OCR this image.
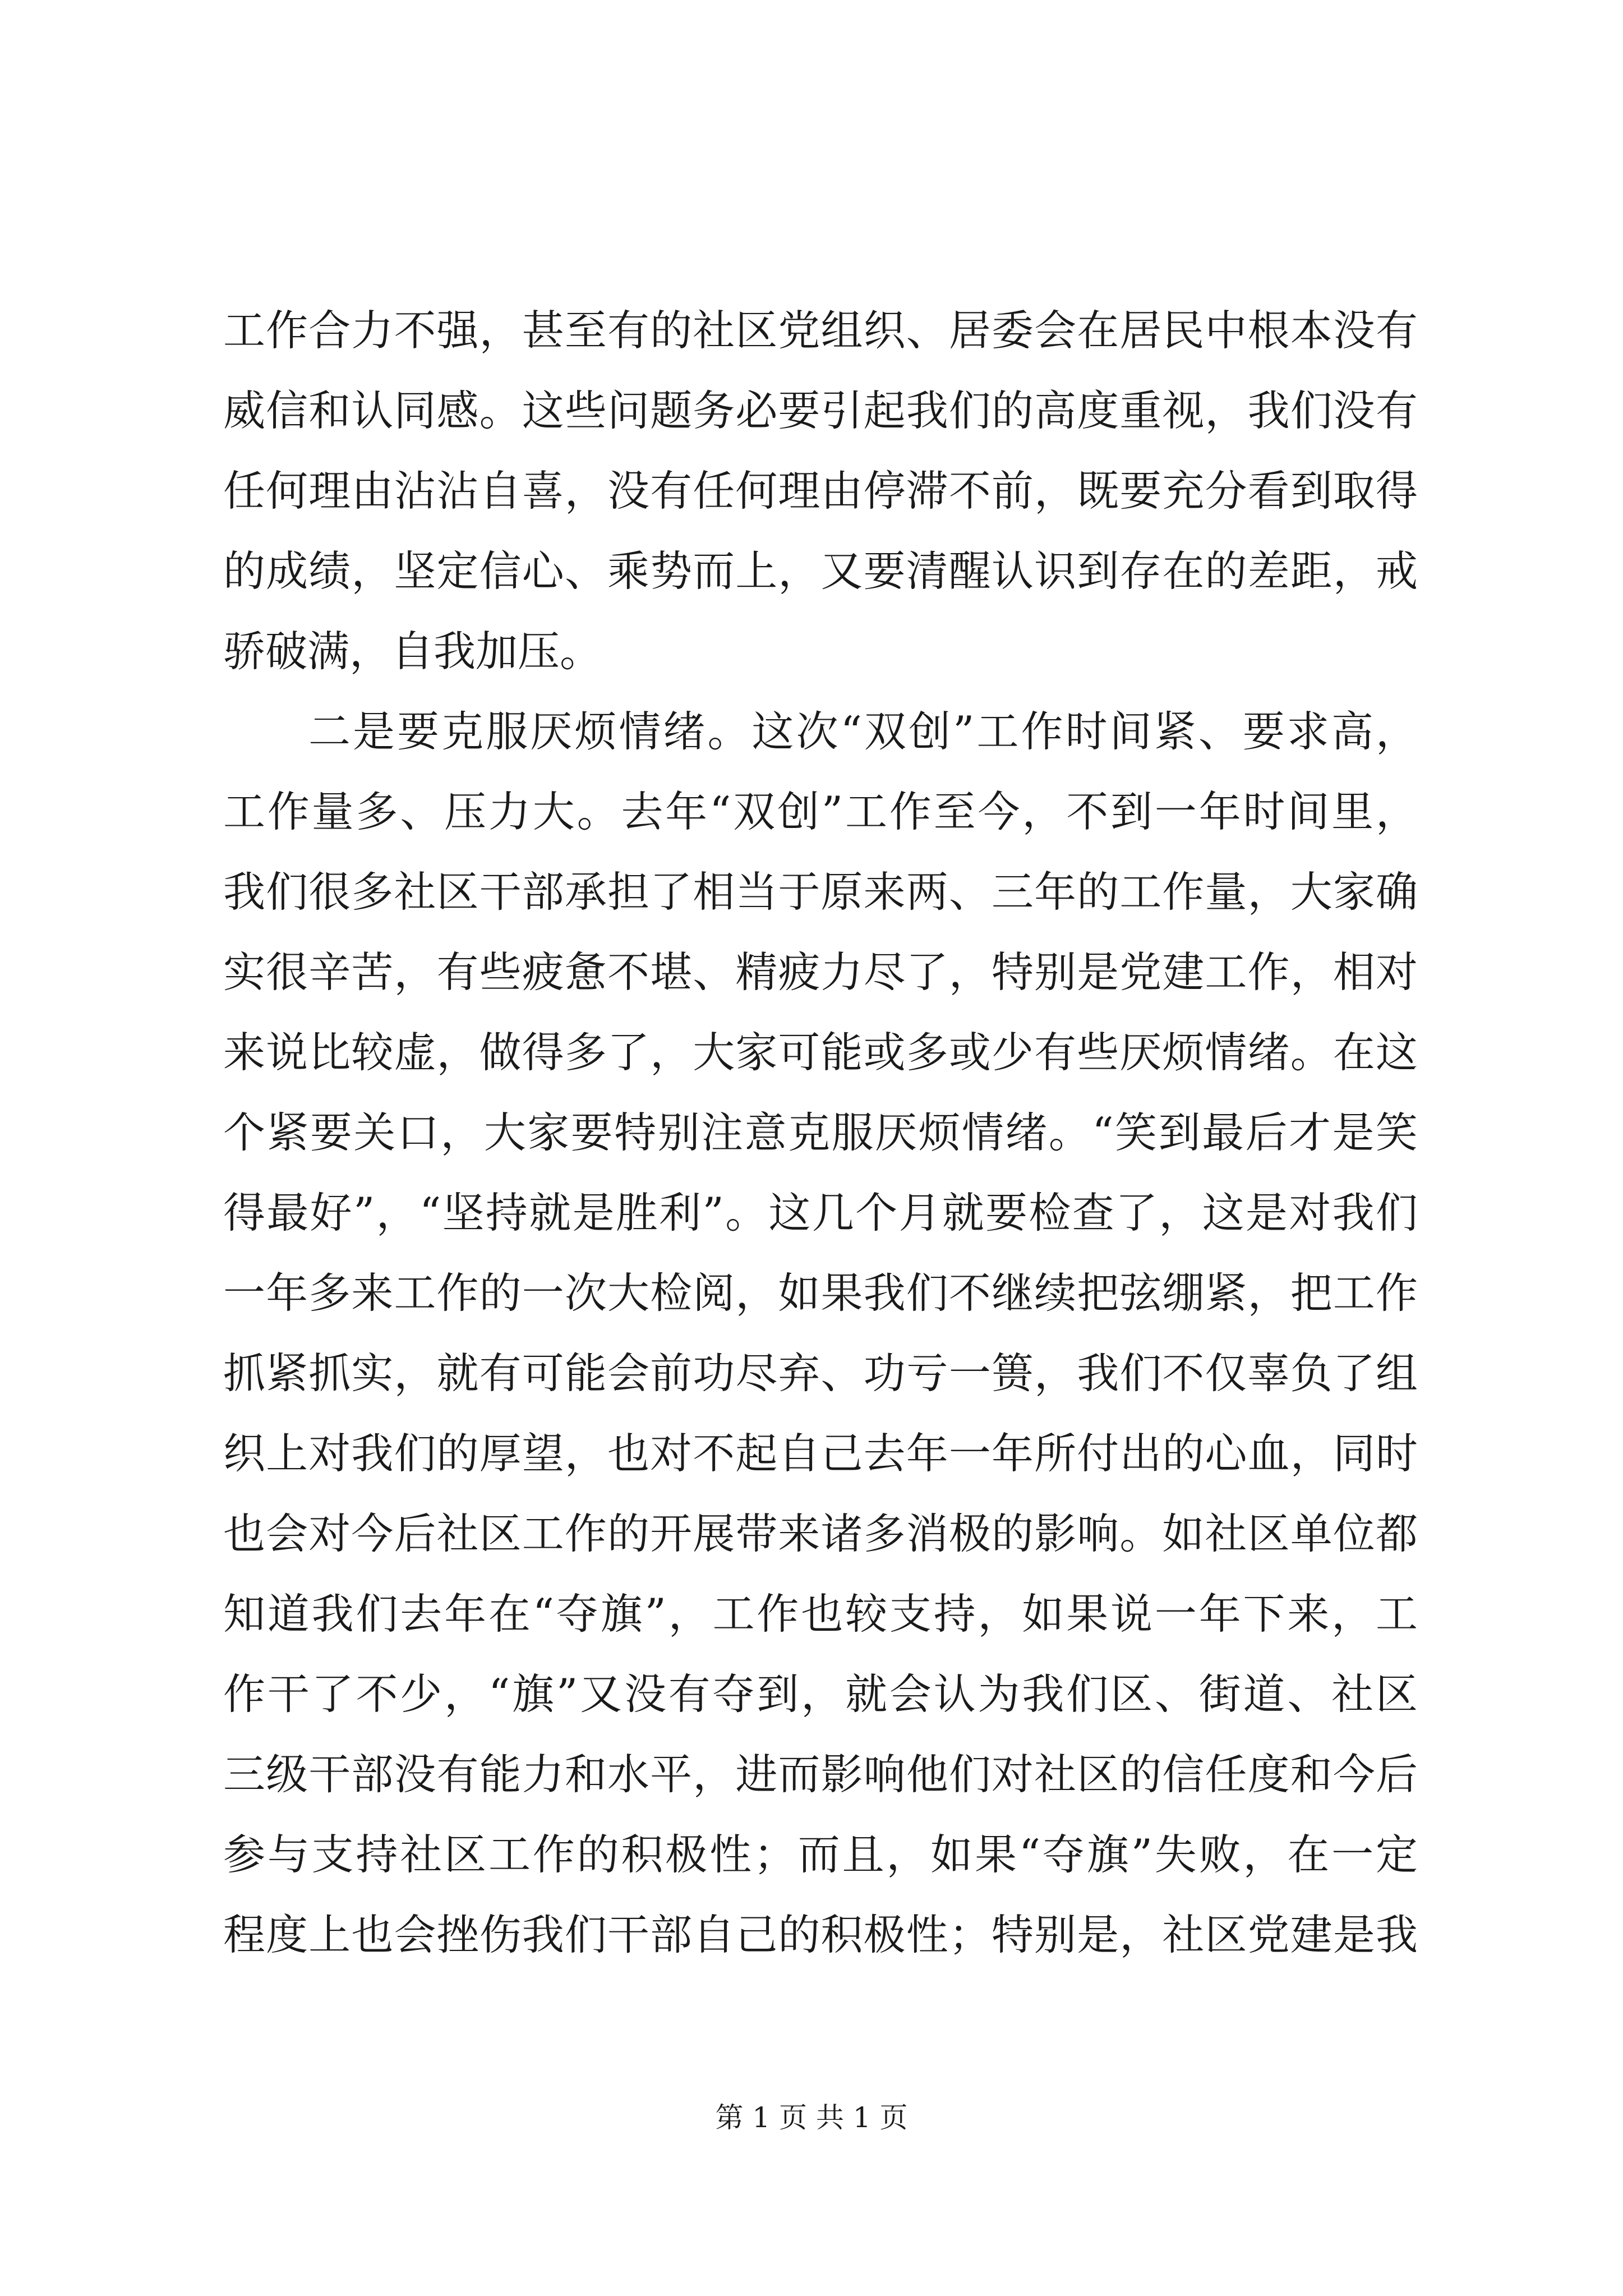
工作合力不强，甚至有的社区党组织、居委会在居民中根本没有
威信和认同感。这些问题务必要引起我们的高度重视，我们没有
任何理由沾沾自喜，没有任何理由停滞不前，既要充分看到取得
的成绩，坚定信心、乘势而上，又要清醒认识到存在的差距，戒
骄破满，自我加压。
二是要克服厌烦情绪。这次“双创”工作时间紧、要求高，
工作量多、压力大。去年“双创”工作至今，不到一年时间里，
我们很多社区干部承担了相当于原来两、三年的工作量，大家确
实很辛苦，有些疲惫不堪、精疲力尽了，特别是党建工作，相对
来说比较虚，做得多了，大家可能或多或少有些厌烦情绪。在这
个紧要关口，大家要特别注意克服厌烦情绪。“笑到最后才是笑
得最好”，“坚持就是胜利”。这几个月就要检查了，这是对我们
一年多来工作的一次大检阅，如果我们不继续把弦绷紧，把工作
抓紧抓实，就有可能会前功尽弃、功亏一篑，我们不仅辜负了组
织上对我们的厚望，也对不起自己去年一年所付出的心血，同时
也会对今后社区工作的开展带来诸多消极的影响。如社区单位都
知道我们去年在“夺旗”，工作也较支持，如果说一年下来，工
作干了不少，“旗”又没有夺到，就会认为我们区、街道、社区
三级干部没有能力和水平，进而影响他们对社区的信任度和今后
参与支持社区工作的积极性；而且，如果“夺旗”失败，在一定
程度上也会挫伤我们干部自己的积极性；特别是，社区党建是我
第 1 页 共 1 页
